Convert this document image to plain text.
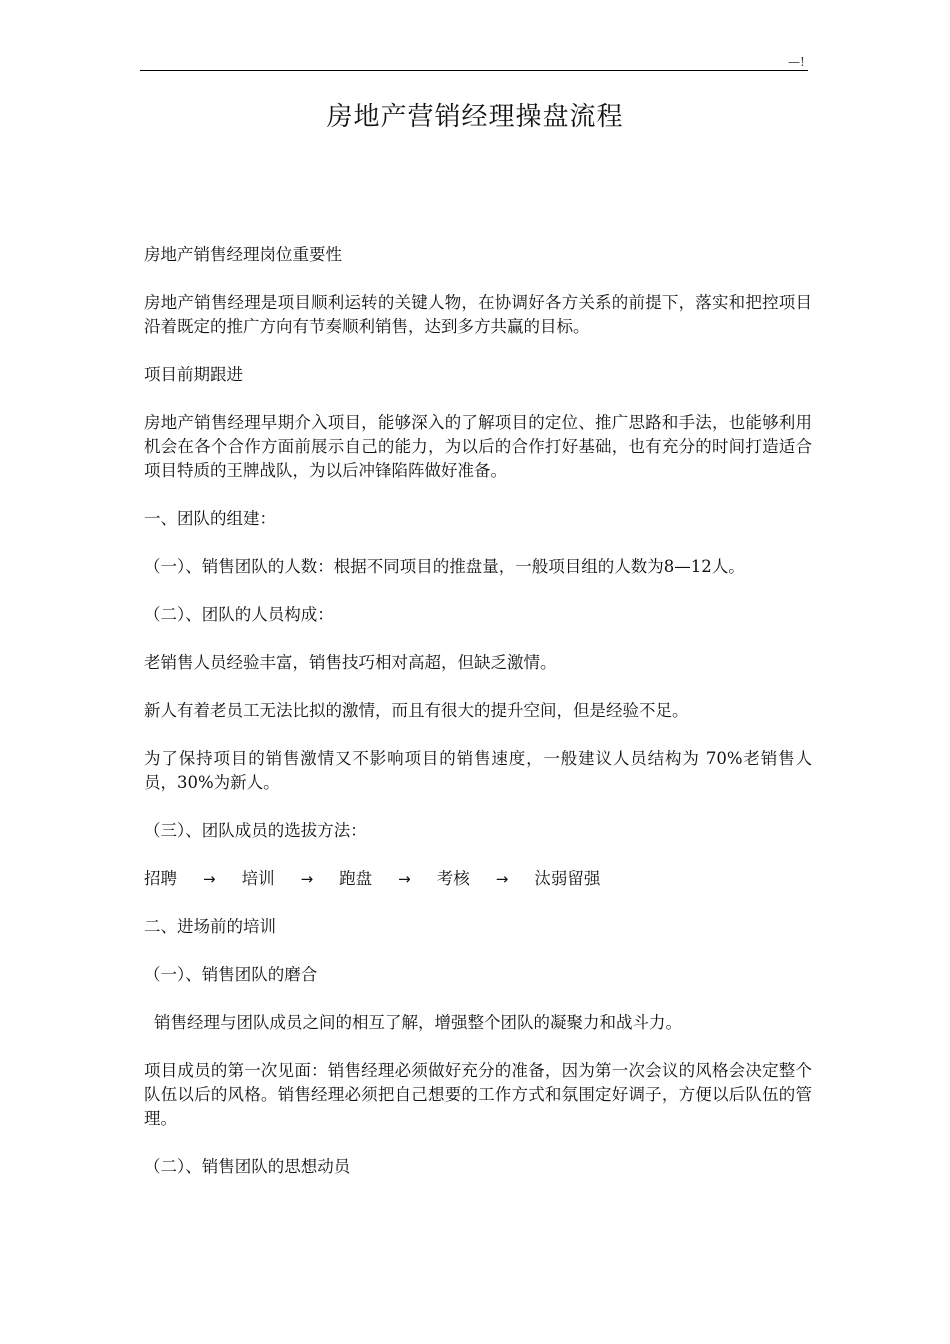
—!
房地产营销经理操盘流程

房地产销售经理岗位重要性

房地产销售经理是项目顺利运转的关键人物，在协调好各方关系的前提下，落实和把控项目沿着既定的推广方向有节奏顺利销售，达到多方共赢的目标。

项目前期跟进

房地产销售经理早期介入项目，能够深入的了解项目的定位、推广思路和手法，也能够利用机会在各个合作方面前展示自己的能力，为以后的合作打好基础，也有充分的时间打造适合项目特质的王牌战队，为以后冲锋陷阵做好准备。

一、团队的组建：

（一）、销售团队的人数：根据不同项目的推盘量，一般项目组的人数为8—12人。

（二）、团队的人员构成：

老销售人员经验丰富，销售技巧相对高超，但缺乏激情。

新人有着老员工无法比拟的激情，而且有很大的提升空间，但是经验不足。

为了保持项目的销售激情又不影响项目的销售速度，一般建议人员结构为 70%老销售人员，30%为新人。

（三）、团队成员的选拔方法：

招聘	→	培训	→	跑盘	→	考核	→	汰弱留强

二、进场前的培训

（一）、销售团队的磨合

销售经理与团队成员之间的相互了解，增强整个团队的凝聚力和战斗力。

项目成员的第一次见面：销售经理必须做好充分的准备，因为第一次会议的风格会决定整个队伍以后的风格。销售经理必须把自己想要的工作方式和氛围定好调子，方便以后队伍的管理。

（二）、销售团队的思想动员
